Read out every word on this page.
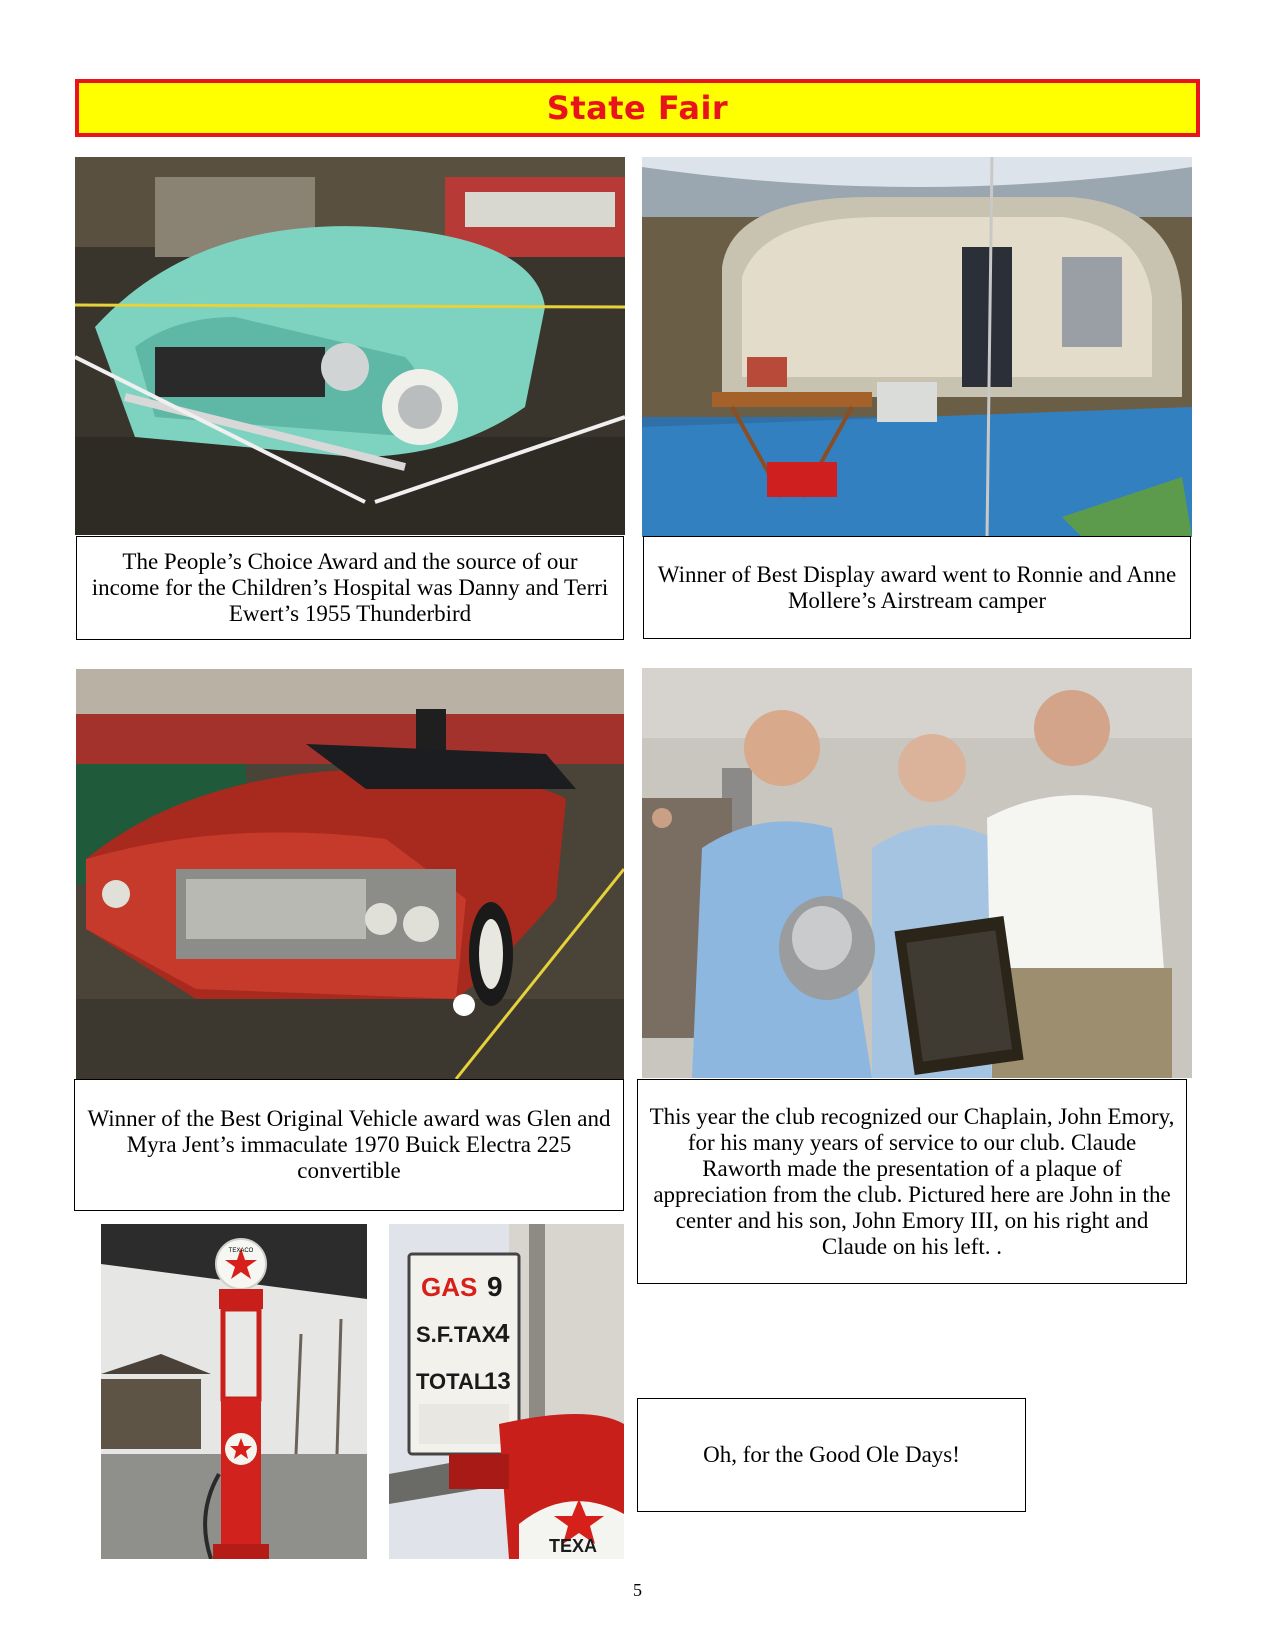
State Fair
The People’s Choice Award and the source of our income for the Children’s Hospital was Danny and Terri Ewert’s 1955 Thunderbird
Winner of Best Display award went to Ronnie and Anne Mollere’s Airstream camper
Winner of the Best Original Vehicle award was Glen and Myra Jent’s immaculate 1970 Buick Electra 225 convertible
This year the club recognized our Chaplain, John Emory, for his many years of service to our club. Claude Raworth made the presentation of a plaque of appreciation from the club. Pictured here are John in the center and his son, John Emory III, on his right and Claude on his left. .
TEXACO
GAS 9
S.F.TAX
4
TOTAL
13
TEXA
Oh, for the Good Ole Days!
5
